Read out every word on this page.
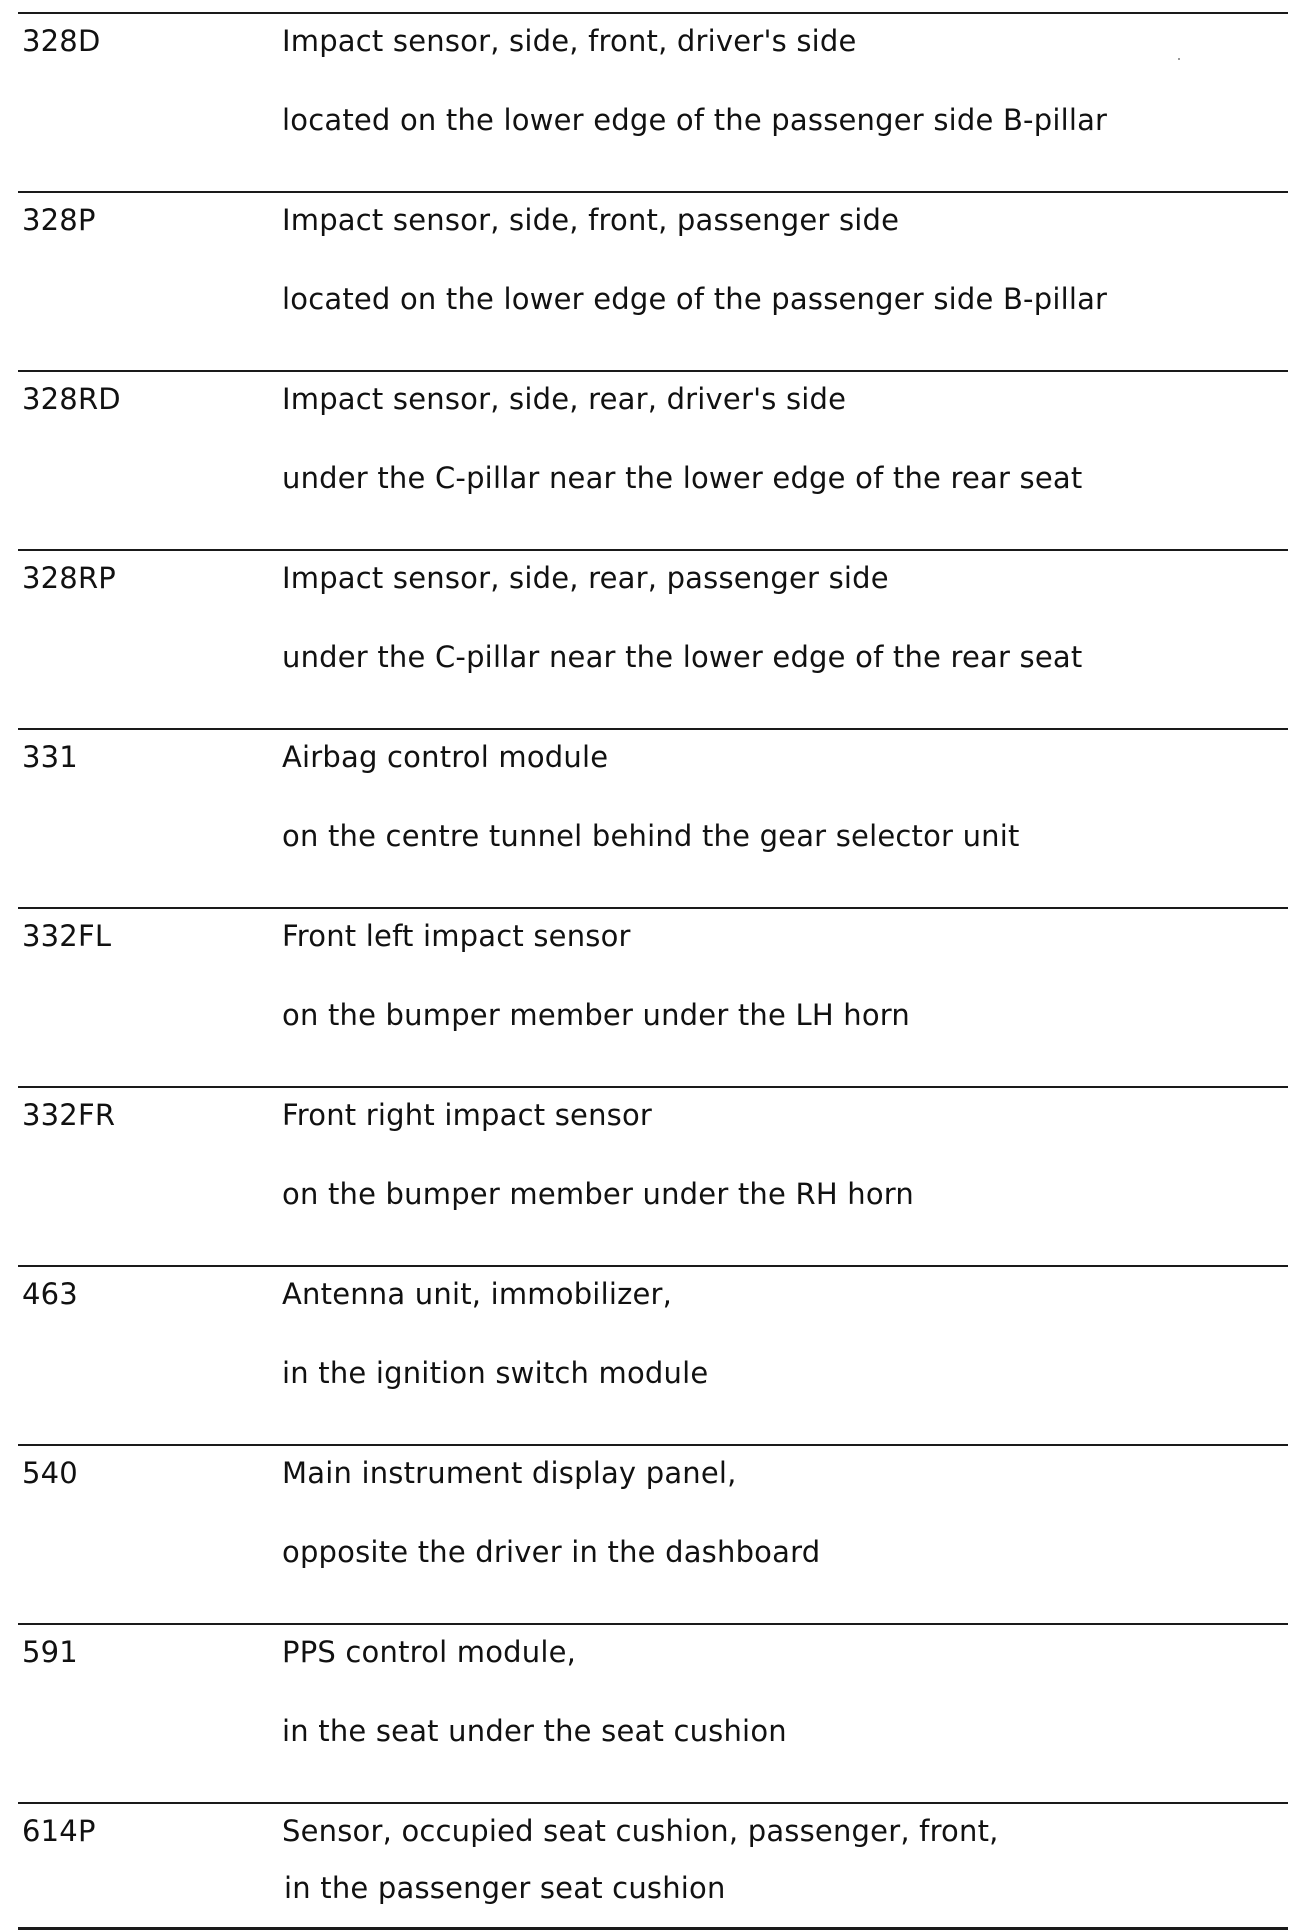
328D	Impact sensor, side, front, driver's side
located on the lower edge of the passenger side B-pillar
328P	Impact sensor, side, front, passenger side
located on the lower edge of the passenger side B-pillar
328RD	Impact sensor, side, rear, driver's side
under the C-pillar near the lower edge of the rear seat
328RP	Impact sensor, side, rear, passenger side
under the C-pillar near the lower edge of the rear seat
331	Airbag control module
on the centre tunnel behind the gear selector unit
332FL	Front left impact sensor
on the bumper member under the LH horn
332FR	Front right impact sensor
on the bumper member under the RH horn
463	Antenna unit, immobilizer,
in the ignition switch module
540	Main instrument display panel,
opposite the driver in the dashboard
591	PPS control module,
in the seat under the seat cushion
614P	Sensor, occupied seat cushion, passenger, front,
in the passenger seat cushion
